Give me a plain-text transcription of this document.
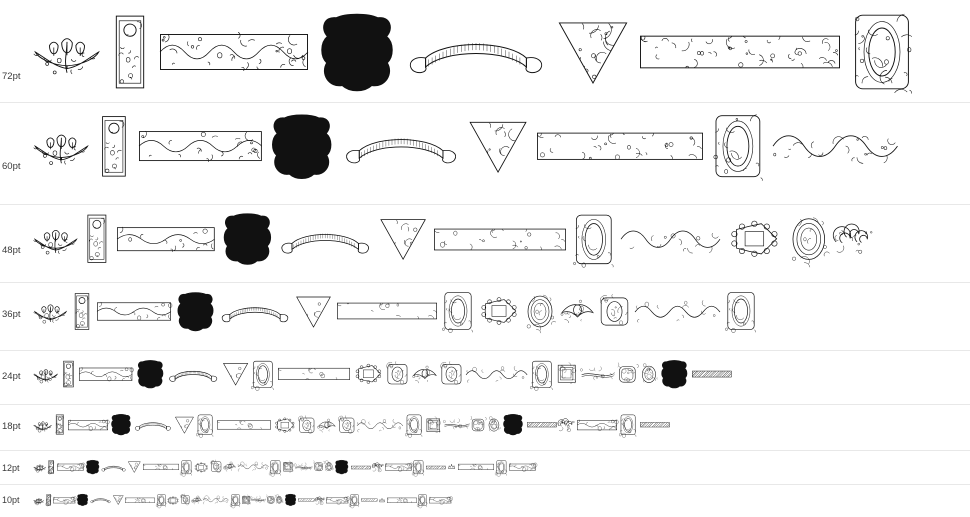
72pt
60pt
48pt
36pt
24pt
18pt
12pt
10pt
